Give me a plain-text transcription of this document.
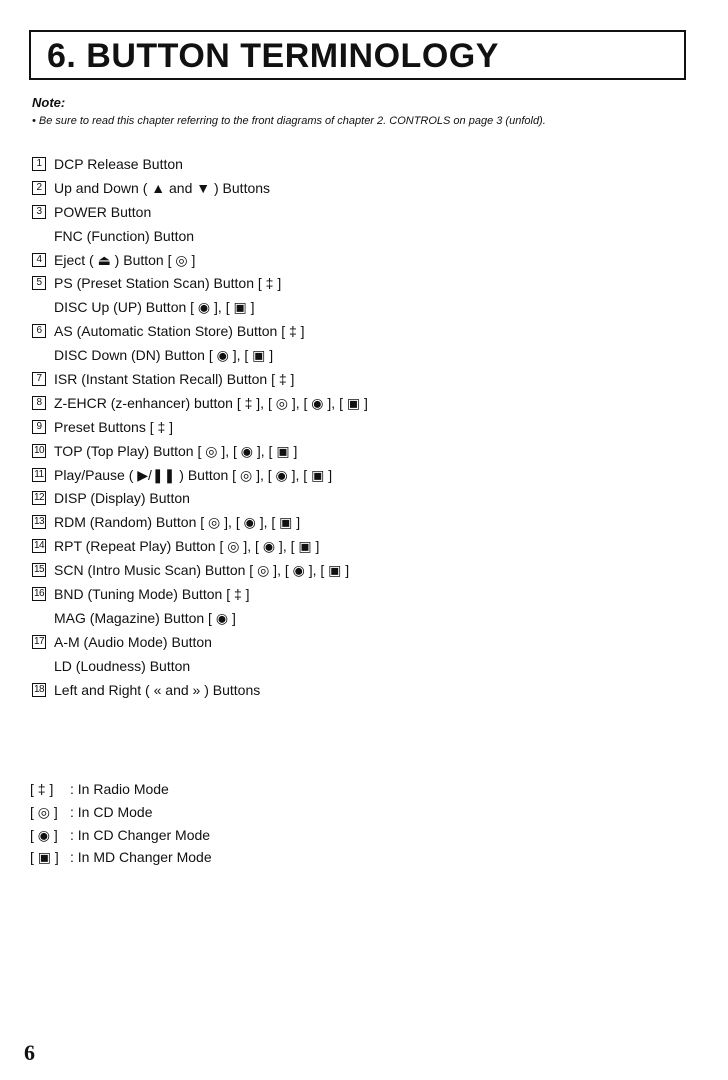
6. BUTTON TERMINOLOGY
Note:
• Be sure to read this chapter referring to the front diagrams of chapter 2. CONTROLS on page 3 (unfold).
1 DCP Release Button
2 Up and Down ( ▲ and ▼ ) Buttons
3 POWER Button
FNC (Function) Button
4 Eject ( ⏏ ) Button [ ◎ ]
5 PS (Preset Station Scan) Button [ ‡ ]
DISC Up (UP) Button [ ◉ ], [ ▣ ]
6 AS (Automatic Station Store) Button [ ‡ ]
DISC Down (DN) Button [ ◉ ], [ ▣ ]
7 ISR (Instant Station Recall) Button [ ‡ ]
8 Z-EHCR (z-enhancer) button [ ‡ ], [ ◎ ], [ ◉ ], [ ▣ ]
9 Preset Buttons [ ‡ ]
10 TOP (Top Play) Button [ ◎ ], [ ◉ ], [ ▣ ]
11 Play/Pause ( ▶/❚❚ ) Button [ ◎ ], [ ◉ ], [ ▣ ]
12 DISP (Display) Button
13 RDM (Random) Button [ ◎ ], [ ◉ ], [ ▣ ]
14 RPT (Repeat Play) Button [ ◎ ], [ ◉ ], [ ▣ ]
15 SCN (Intro Music Scan) Button [ ◎ ], [ ◉ ], [ ▣ ]
16 BND (Tuning Mode) Button [ ‡ ]
MAG (Magazine) Button [ ◉ ]
17 A-M (Audio Mode) Button
LD (Loudness) Button
18 Left and Right ( « and » ) Buttons
[ ‡ ] : In Radio Mode
[ ◎ ] : In CD Mode
[ ◉ ] : In CD Changer Mode
[ ▣ ] : In MD Changer Mode
6
